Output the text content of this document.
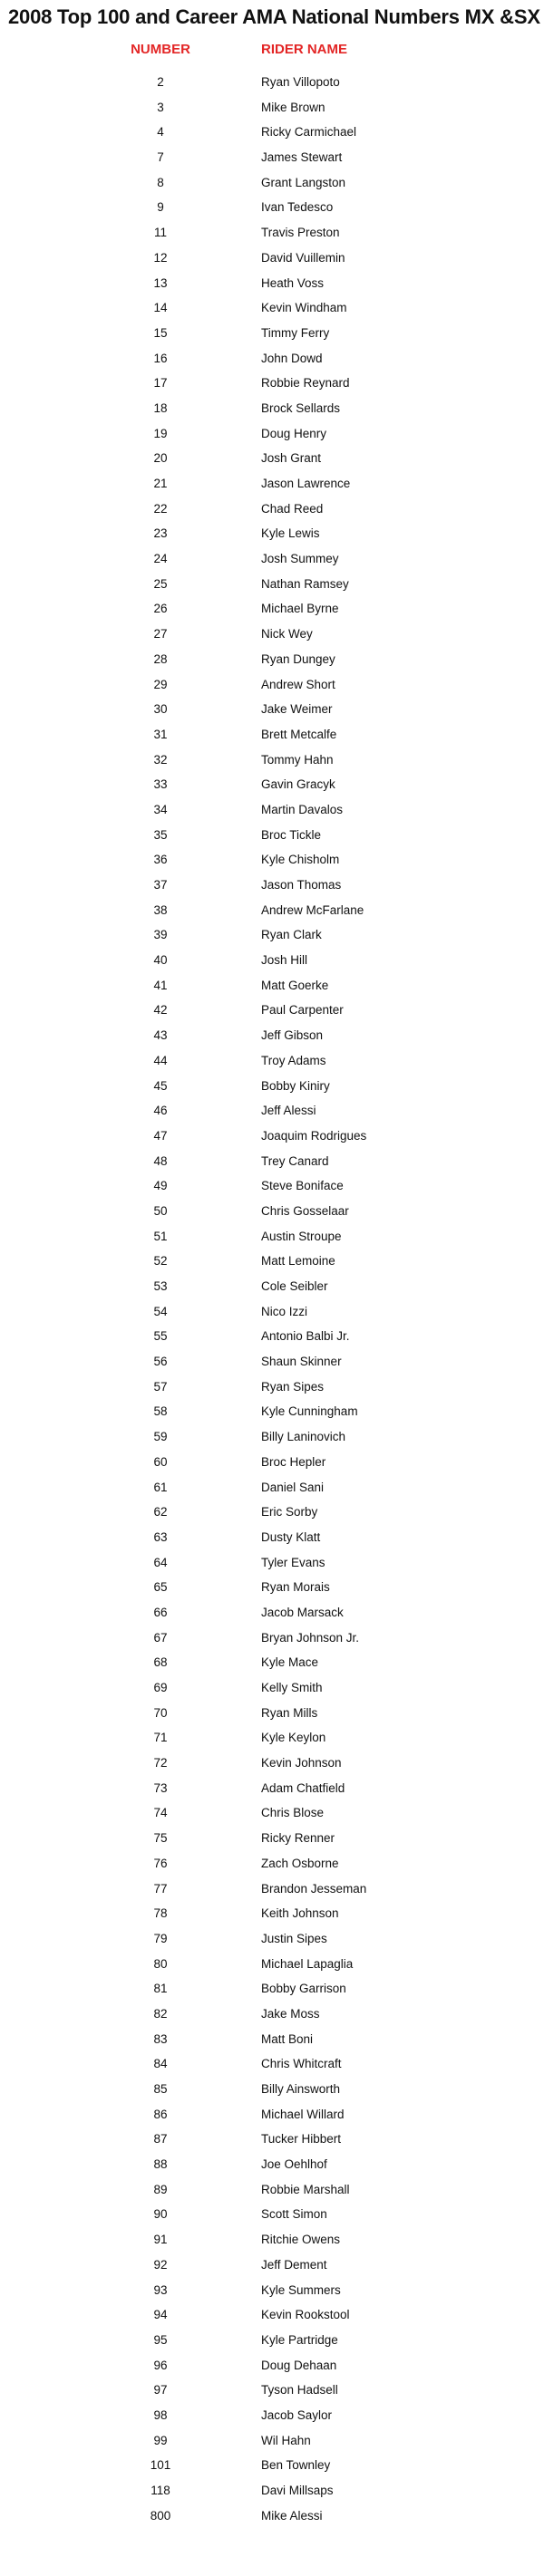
2008 Top 100 and Career AMA National Numbers MX &SX
NUMBER	RIDER NAME
2	Ryan Villopoto
3	Mike Brown
4	Ricky Carmichael
7	James Stewart
8	Grant Langston
9	Ivan Tedesco
11	Travis Preston
12	David Vuillemin
13	Heath Voss
14	Kevin Windham
15	Timmy Ferry
16	John Dowd
17	Robbie Reynard
18	Brock Sellards
19	Doug Henry
20	Josh Grant
21	Jason Lawrence
22	Chad Reed
23	Kyle Lewis
24	Josh Summey
25	Nathan Ramsey
26	Michael Byrne
27	Nick Wey
28	Ryan Dungey
29	Andrew Short
30	Jake Weimer
31	Brett Metcalfe
32	Tommy Hahn
33	Gavin Gracyk
34	Martin Davalos
35	Broc Tickle
36	Kyle Chisholm
37	Jason Thomas
38	Andrew McFarlane
39	Ryan Clark
40	Josh Hill
41	Matt Goerke
42	Paul Carpenter
43	Jeff Gibson
44	Troy Adams
45	Bobby Kiniry
46	Jeff Alessi
47	Joaquim Rodrigues
48	Trey Canard
49	Steve Boniface
50	Chris Gosselaar
51	Austin Stroupe
52	Matt Lemoine
53	Cole Seibler
54	Nico Izzi
55	Antonio Balbi Jr.
56	Shaun Skinner
57	Ryan Sipes
58	Kyle Cunningham
59	Billy Laninovich
60	Broc Hepler
61	Daniel Sani
62	Eric Sorby
63	Dusty Klatt
64	Tyler Evans
65	Ryan Morais
66	Jacob Marsack
67	Bryan Johnson Jr.
68	Kyle Mace
69	Kelly Smith
70	Ryan Mills
71	Kyle Keylon
72	Kevin Johnson
73	Adam Chatfield
74	Chris Blose
75	Ricky Renner
76	Zach Osborne
77	Brandon Jesseman
78	Keith Johnson
79	Justin Sipes
80	Michael Lapaglia
81	Bobby Garrison
82	Jake Moss
83	Matt Boni
84	Chris Whitcraft
85	Billy Ainsworth
86	Michael Willard
87	Tucker Hibbert
88	Joe Oehlhof
89	Robbie Marshall
90	Scott Simon
91	Ritchie Owens
92	Jeff Dement
93	Kyle Summers
94	Kevin Rookstool
95	Kyle Partridge
96	Doug Dehaan
97	Tyson Hadsell
98	Jacob Saylor
99	Wil Hahn
101	Ben Townley
118	Davi Millsaps
800	Mike Alessi
